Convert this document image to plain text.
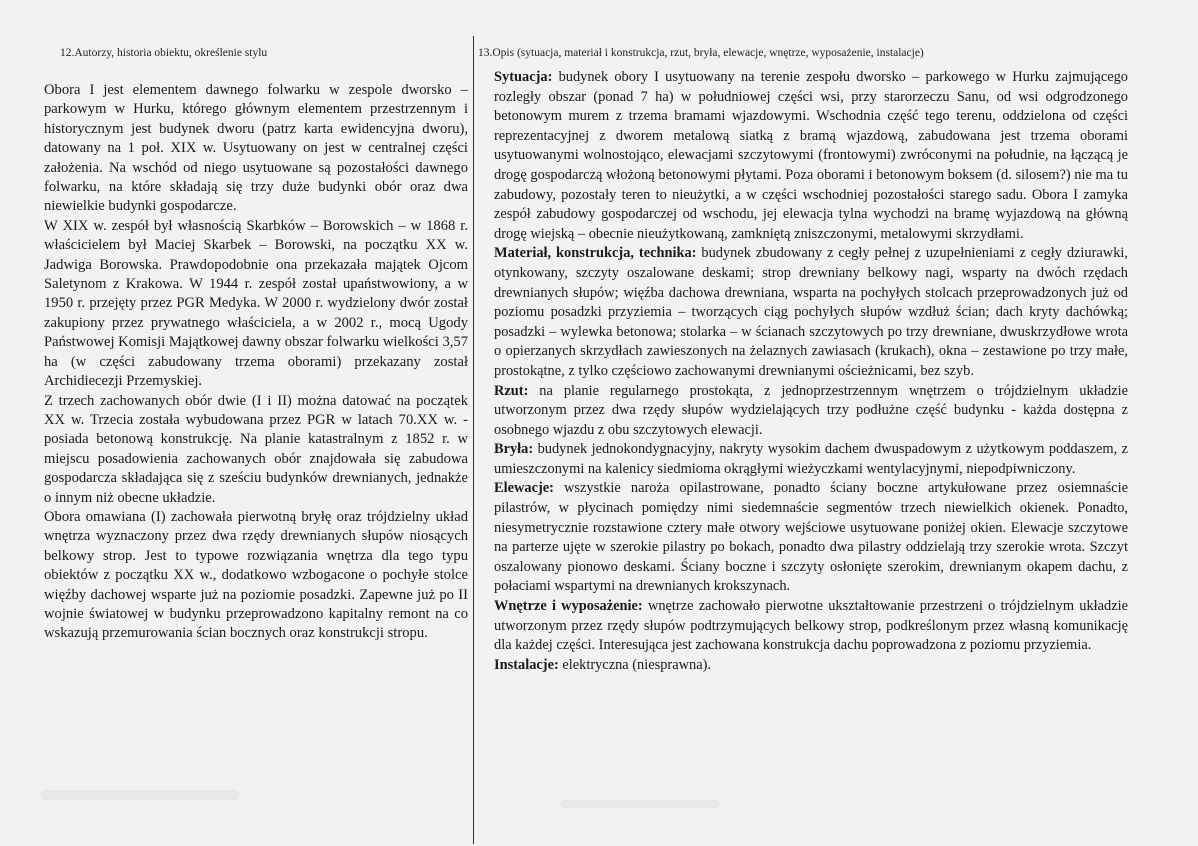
12.Autorzy, historia obiektu, określenie stylu	13.Opis (sytuacja, materiał i konstrukcja, rzut, bryła, elewacje, wnętrze, wyposażenie, instalacje)

Obora I jest elementem dawnego folwarku w zespole dworsko – parkowym w Hurku, którego głównym elementem przestrzennym i historycznym jest budynek dworu (patrz karta ewidencyjna dworu), datowany na 1 poł. XIX w. Usytuowany on jest w centralnej części założenia. Na wschód od niego usytuowane są pozostałości dawnego folwarku, na które składają się trzy duże budynki obór oraz dwa niewielkie budynki gospodarcze.

W XIX w. zespół był własnością Skarbków – Borowskich – w 1868 r. właścicielem był Maciej Skarbek – Borowski, na początku XX w. Jadwiga Borowska. Prawdopodobnie ona przekazała majątek Ojcom Saletynom z Krakowa. W 1944 r. zespół został upaństwowiony, a w 1950 r. przejęty przez PGR Medyka. W 2000 r. wydzielony dwór został zakupiony przez prywatnego właściciela, a w 2002 r., mocą Ugody Państwowej Komisji Majątkowej dawny obszar folwarku wielkości 3,57 ha (w części zabudowany trzema oborami) przekazany został Archidiecezji Przemyskiej.

Z trzech zachowanych obór dwie (I i II) można datować na początek XX w. Trzecia została wybudowana przez PGR w latach 70.XX w. - posiada betonową konstrukcję. Na planie katastralnym z 1852 r. w miejscu posadowienia zachowanych obór znajdowała się zabudowa gospodarcza składająca się z sześciu budynków drewnianych, jednakże o innym niż obecne układzie.

Obora omawiana (I) zachowała pierwotną bryłę oraz trójdzielny układ wnętrza wyznaczony przez dwa rzędy drewnianych słupów niosących belkowy strop. Jest to typowe rozwiązania wnętrza dla tego typu obiektów z początku XX w., dodatkowo wzbogacone o pochyłe stolce więźby dachowej wsparte już na poziomie posadzki. Zapewne już po II wojnie światowej w budynku przeprowadzono kapitalny remont na co wskazują przemurowania ścian bocznych oraz konstrukcji stropu.

Sytuacja: budynek obory I usytuowany na terenie zespołu dworsko – parkowego w Hurku zajmującego rozległy obszar (ponad 7 ha) w południowej części wsi, przy starorzeczu Sanu, od wsi odgrodzonego betonowym murem z trzema bramami wjazdowymi. Wschodnia część tego terenu, oddzielona od części reprezentacyjnej z dworem metalową siatką z bramą wjazdową, zabudowana jest trzema oborami usytuowanymi wolnostojąco, elewacjami szczytowymi (frontowymi) zwróconymi na południe, na łączącą je drogę gospodarczą włożoną betonowymi płytami. Poza oborami i betonowym boksem (d. silosem?) nie ma tu zabudowy, pozostały teren to nieużytki, a w części wschodniej pozostałości starego sadu. Obora I zamyka zespół zabudowy gospodarczej od wschodu, jej elewacja tylna wychodzi na bramę wyjazdową na główną drogę wiejską – obecnie nieużytkowaną, zamkniętą zniszczonymi, metalowymi skrzydłami.

Materiał, konstrukcja, technika: budynek zbudowany z cegły pełnej z uzupełnieniami z cegły dziurawki, otynkowany, szczyty oszalowane deskami; strop drewniany belkowy nagi, wsparty na dwóch rzędach drewnianych słupów; więźba dachowa drewniana, wsparta na pochyłych stolcach przeprowadzonych już od poziomu posadzki przyziemia – tworzących ciąg pochyłych słupów wzdłuż ścian; dach kryty dachówką; posadzki – wylewka betonowa; stolarka – w ścianach szczytowych po trzy drewniane, dwuskrzydłowe wrota o opierzanych skrzydłach zawieszonych na żelaznych zawiasach (krukach), okna – zestawione po trzy małe, prostokątne, z tylko częściowo zachowanymi drewnianymi ościeżnicami, bez szyb.

Rzut: na planie regularnego prostokąta, z jednoprzestrzennym wnętrzem o trójdzielnym układzie utworzonym przez dwa rzędy słupów wydzielających trzy podłużne część budynku - każda dostępna z osobnego wjazdu z obu szczytowych elewacji.

Bryła: budynek jednokondygnacyjny, nakryty wysokim dachem dwuspadowym z użytkowym poddaszem, z umieszczonymi na kalenicy siedmioma okrągłymi wieżyczkami wentylacyjnymi, niepodpiwniczony.

Elewacje: wszystkie naroża opilastrowane, ponadto ściany boczne artykułowane przez osiemnaście pilastrów, w płycinach pomiędzy nimi siedemnaście segmentów trzech niewielkich okienek. Ponadto, niesymetrycznie rozstawione cztery małe otwory wejściowe usytuowane poniżej okien. Elewacje szczytowe na parterze ujęte w szerokie pilastry po bokach, ponadto dwa pilastry oddzielają trzy szerokie wrota. Szczyt oszalowany pionowo deskami. Ściany boczne i szczyty osłonięte szerokim, drewnianym okapem dachu, z połaciami wspartymi na drewnianych krokszynach.

Wnętrze i wyposażenie: wnętrze zachowało pierwotne ukształtowanie przestrzeni o trójdzielnym układzie utworzonym przez rzędy słupów podtrzymujących belkowy strop, podkreślonym przez własną komunikację dla każdej części. Interesująca jest zachowana konstrukcja dachu poprowadzona z poziomu przyziemia.

Instalacje: elektryczna (niesprawna).
